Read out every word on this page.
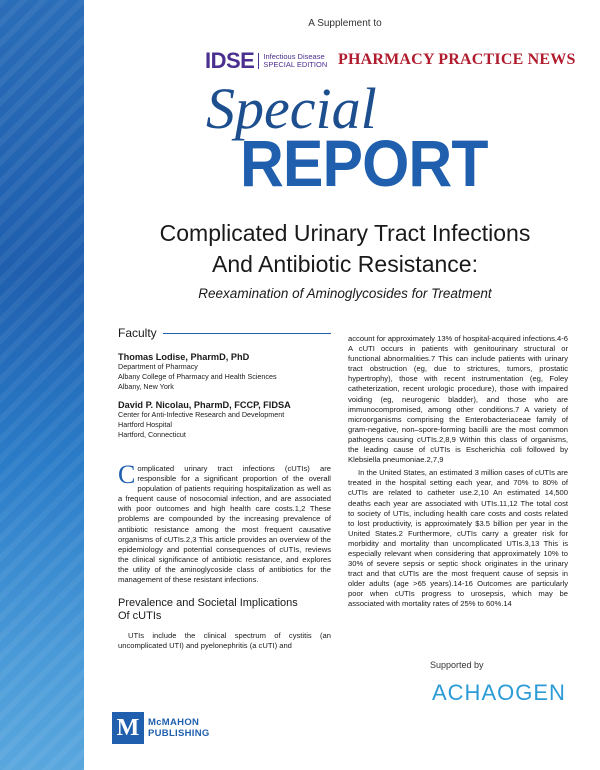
A Supplement to
IDSE	Infectious Disease
SPECIAL EDITION PHARMACY PRACTICE NEWS
Special
REPORT
Complicated Urinary Tract Infections
And Antibiotic Resistance:
Reexamination of Aminoglycosides for Treatment
Faculty
Thomas Lodise, PharmD, PhD
Department of Pharmacy
Albany College of Pharmacy and Health Sciences
Albany, New York
David P. Nicolau, PharmD, FCCP, FIDSA
Center for Anti-Infective Research and Development
Hartford Hospital
Hartford, Connecticut
C omplicated urinary tract infections (cUTIs) are responsible for a significant proportion of the overall population of patients requiring hospitalization as well as a frequent cause of nosocomial infection, and are associated with poor outcomes and high health care costs.1,2 These problems are compounded by the increasing prevalence of antibiotic resistance among the most frequent causative organisms of cUTIs.2,3 This article provides an overview of the epidemiology and potential consequences of cUTIs, reviews the clinical significance of antibiotic resistance, and explores the utility of the aminoglycoside class of antibiotics for the management of these resistant infections.

Prevalence and Societal Implications
Of cUTIs

UTIs include the clinical spectrum of cystitis (an uncomplicated UTI) and pyelonephritis (a cUTI) and

account for approximately 13% of hospital-acquired infections.4-6 A cUTI occurs in patients with genitourinary structural or functional abnormalities.7 This can include patients with urinary tract obstruction (eg, due to strictures, tumors, prostatic hypertrophy), those with recent instrumentation (eg, Foley catheterization, recent urologic procedure), those with impaired voiding (eg, neurogenic bladder), and those who are immunocompromised, among other conditions.7 A variety of microorganisms comprising the Enterobacteriaceae family of gram-negative, non–spore-forming bacilli are the most common pathogens causing cUTIs.2,8,9 Within this class of organisms, the leading cause of cUTIs is Escherichia coli followed by Klebsiella pneumoniae.2,7,9

In the United States, an estimated 3 million cases of cUTIs are treated in the hospital setting each year, and 70% to 80% of cUTIs are related to catheter use.2,10 An estimated 14,500 deaths each year are associated with UTIs.11,12 The total cost to society of UTIs, including health care costs and costs related to lost productivity, is approximately $3.5 billion per year in the United States.2 Furthermore, cUTIs carry a greater risk for morbidity and mortality than uncomplicated UTIs.3,13 This is especially relevant when considering that approximately 10% to 30% of severe sepsis or septic shock originates in the urinary tract and that cUTIs are the most frequent cause of sepsis in older adults (age >65 years).14-16 Outcomes are particularly poor when cUTIs progress to urosepsis, which may be associated with mortality rates of 25% to 60%.14

Supported by
ACHAOGEN
M McMAHON
PUBLISHING
